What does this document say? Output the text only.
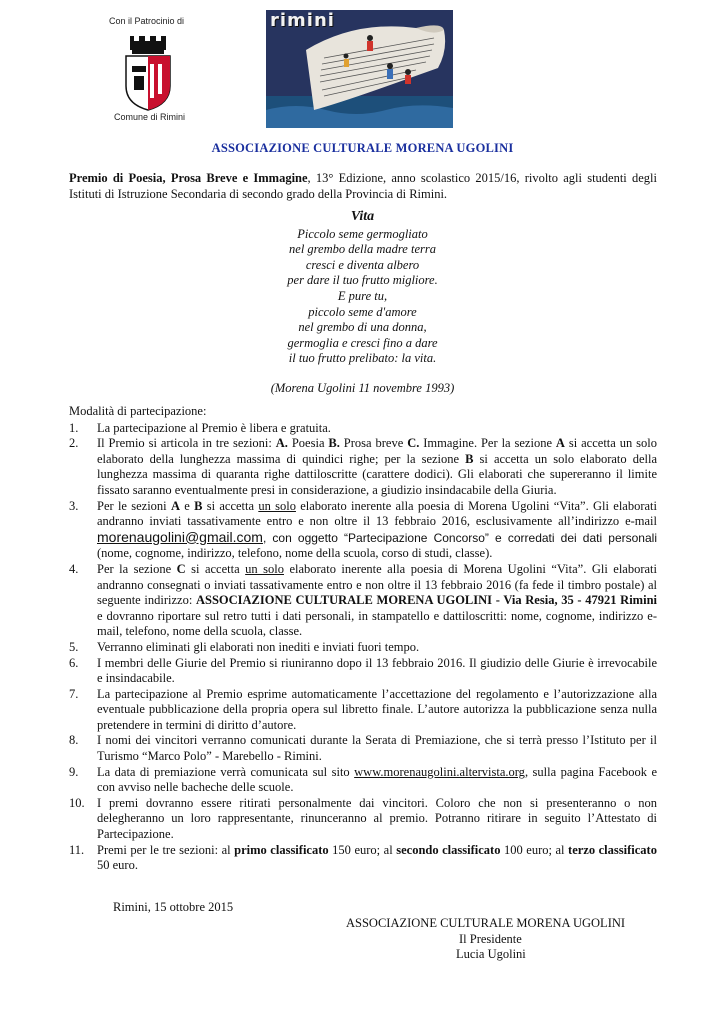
Con il Patrocinio di
Comune di Rimini
rimini
ASSOCIAZIONE CULTURALE MORENA UGOLINI
Premio di Poesia, Prosa Breve e Immagine, 13° Edizione, anno scolastico 2015/16, rivolto agli studenti degli Istituti di Istruzione Secondaria di secondo grado della Provincia di Rimini.
Vita
Piccolo seme germogliato
nel grembo della madre terra
cresci e diventa albero
per dare il tuo frutto migliore.
E pure tu,
piccolo seme d'amore
nel grembo di una donna,
germoglia e cresci fino a dare
il tuo frutto prelibato: la vita.
(Morena Ugolini 11 novembre 1993)
Modalità di partecipazione:
1.	La partecipazione al Premio è libera e gratuita.
2.	Il Premio si articola in tre sezioni: A. Poesia B. Prosa breve C. Immagine. Per la sezione A si accetta un solo elaborato della lunghezza massima di quindici righe; per la sezione B si accetta un solo elaborato della lunghezza massima di quaranta righe dattiloscritte (carattere dodici). Gli elaborati che supereranno il limite fissato saranno eventualmente presi in considerazione, a giudizio insindacabile della Giuria.
3.	Per le sezioni A e B si accetta un solo elaborato inerente alla poesia di Morena Ugolini “Vita”. Gli elaborati andranno inviati tassativamente entro e non oltre il 13 febbraio 2016, esclusivamente all’indirizzo e-mail morenaugolini@gmail.com, con oggetto “Partecipazione Concorso” e corredati dei dati personali (nome, cognome, indirizzo, telefono, nome della scuola, corso di studi, classe).
4.	Per la sezione C si accetta un solo elaborato inerente alla poesia di Morena Ugolini “Vita”. Gli elaborati andranno consegnati o inviati tassativamente entro e non oltre il 13 febbraio 2016 (fa fede il timbro postale) al seguente indirizzo: ASSOCIAZIONE CULTURALE MORENA UGOLINI - Via Resia, 35 - 47921 Rimini e dovranno riportare sul retro tutti i dati personali, in stampatello e dattiloscritti: nome, cognome, indirizzo e-mail, telefono, nome della scuola, classe.
5.	Verranno eliminati gli elaborati non inediti e inviati fuori tempo.
6.	I membri delle Giurie del Premio si riuniranno dopo il 13 febbraio 2016. Il giudizio delle Giurie è irrevocabile e insindacabile.
7.	La partecipazione al Premio esprime automaticamente l’accettazione del regolamento e l’autorizzazione alla eventuale pubblicazione della propria opera sul libretto finale. L’autore autorizza la pubblicazione senza nulla pretendere in termini di diritto d’autore.
8.	I nomi dei vincitori verranno comunicati durante la Serata di Premiazione, che si terrà presso l’Istituto per il Turismo “Marco Polo” - Marebello - Rimini.
9.	La data di premiazione verrà comunicata sul sito www.morenaugolini.altervista.org, sulla pagina Facebook e con avviso nelle bacheche delle scuole.
10. I premi dovranno essere ritirati personalmente dai vincitori. Coloro che non si presenteranno o non delegheranno un loro rappresentante, rinunceranno al premio. Potranno ritirare in seguito l’Attestato di Partecipazione.
11.	Premi per le tre sezioni: al primo classificato 150 euro; al secondo classificato 100 euro; al terzo classificato 50 euro.
Rimini, 15 ottobre 2015
ASSOCIAZIONE CULTURALE MORENA UGOLINI
Il Presidente
Lucia Ugolini
